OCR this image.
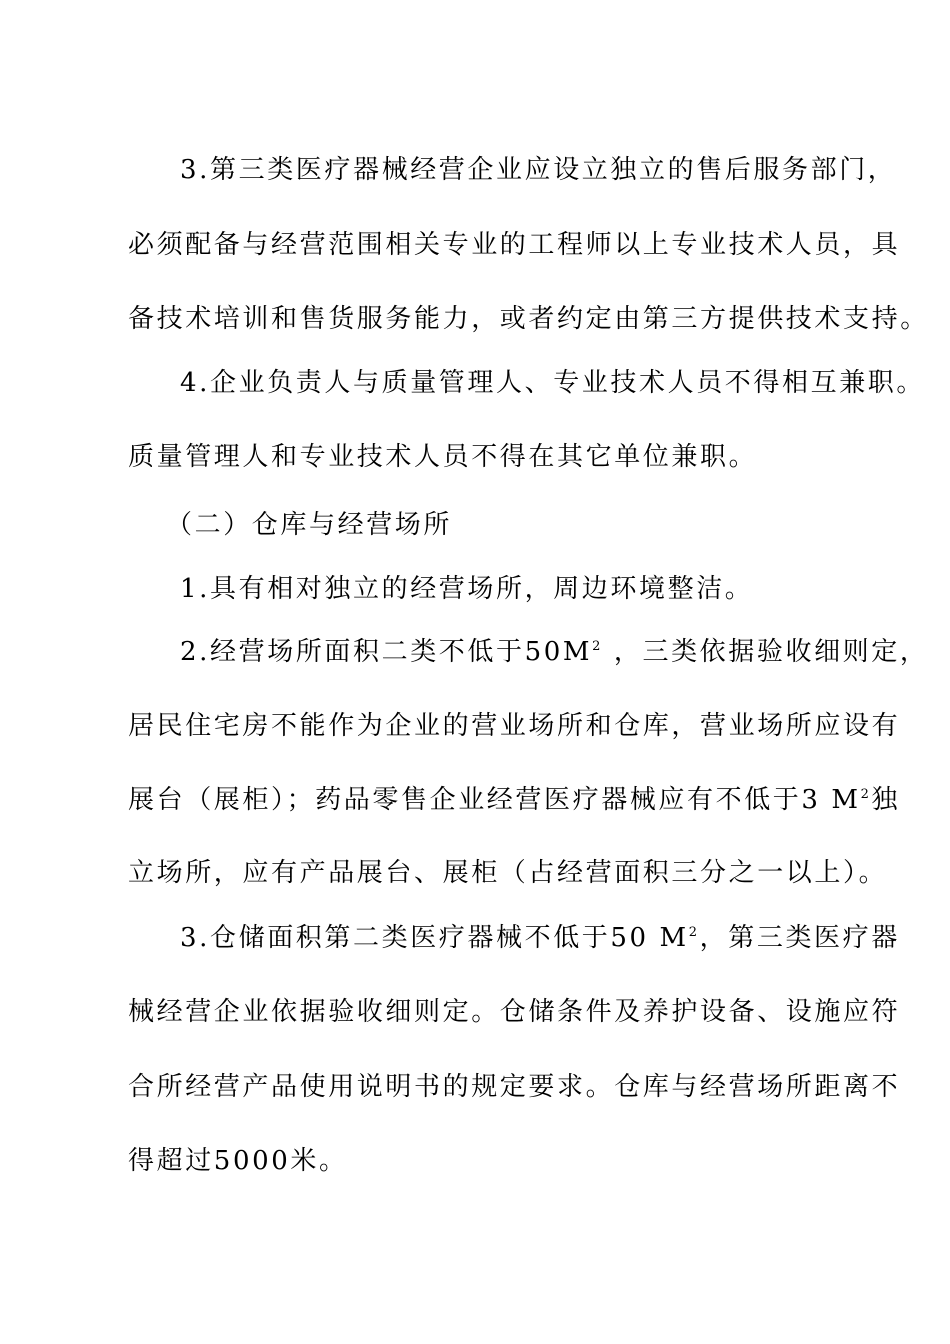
3.第三类医疗器械经营企业应设立独立的售后服务部门，
必须配备与经营范围相关专业的工程师以上专业技术人员，具
备技术培训和售货服务能力，或者约定由第三方提供技术支持。
4.企业负责人与质量管理人、专业技术人员不得相互兼职。
质量管理人和专业技术人员不得在其它单位兼职。
（二）仓库与经营场所
1.具有相对独立的经营场所，周边环境整洁。
2.经营场所面积二类不低于$50M^2$ ，三类依据验收细则定，
居民住宅房不能作为企业的营业场所和仓库，营业场所应设有
展台（展柜）；药品零售企业经营医疗器械应有不低于3 $M^2$独
立场所，应有产品展台、展柜（占经营面积三分之一以上）。
3.仓储面积第二类医疗器械不低于50 $M^2$，第三类医疗器
械经营企业依据验收细则定。仓储条件及养护设备、设施应符
合所经营产品使用说明书的规定要求。仓库与经营场所距离不
得超过5000米。
